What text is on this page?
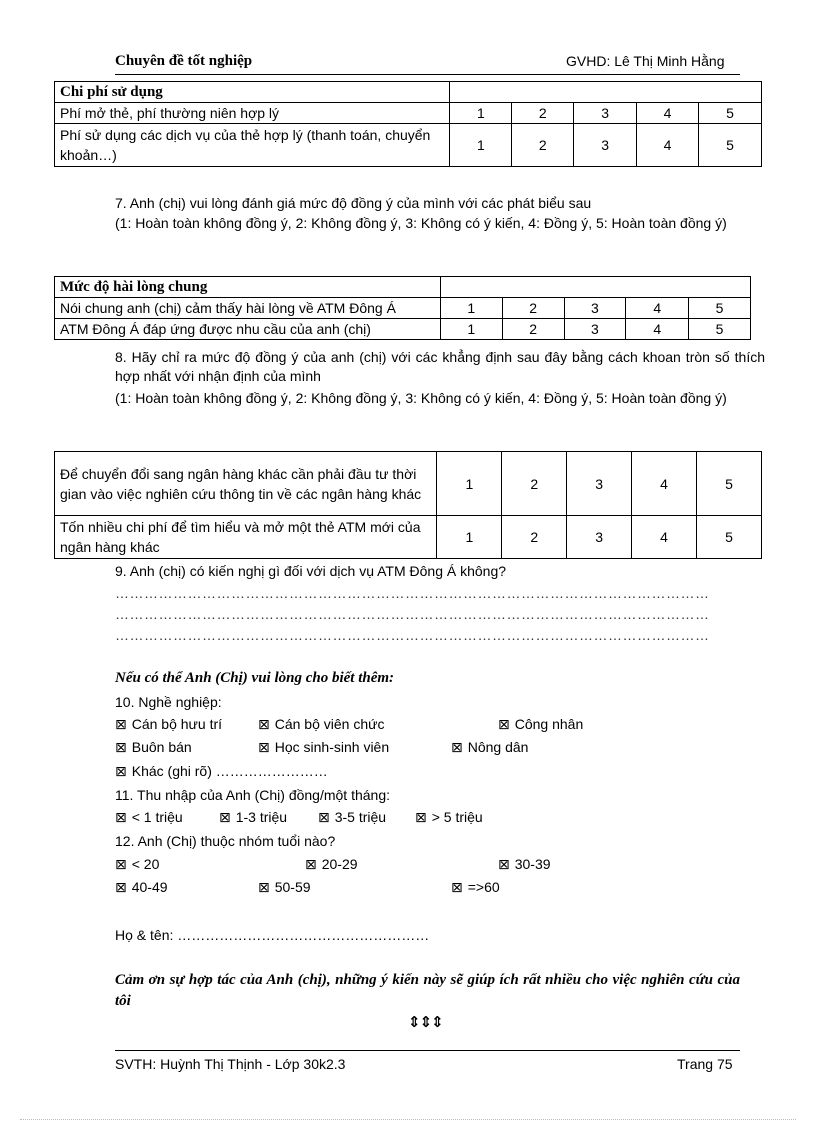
Chuyên đề tốt nghiệp	GVHD: Lê Thị Minh Hằng
Chi phí sử dụng					
Phí mở thẻ, phí thường niên hợp lý	1	2	3	4	5
Phí sử dụng các dịch vụ của thẻ hợp lý (thanh toán, chuyển khoản…)	1	2	3	4	5
7. Anh (chị) vui lòng đánh giá mức độ đồng ý của mình với các phát biểu sau
(1: Hoàn toàn không đồng ý, 2: Không đồng ý, 3: Không có ý kiến, 4: Đồng ý, 5: Hoàn toàn đồng ý)
Mức độ hài lòng chung					
Nói chung anh (chị) cảm thấy hài lòng về ATM Đông Á	1	2	3	4	5
ATM Đông Á đáp ứng được nhu cầu của anh (chị)	1	2	3	4	5
8. Hãy chỉ ra mức độ đồng ý của anh (chị) với các khẳng định sau đây bằng cách khoan tròn số thích hợp nhất với nhận định của mình
(1: Hoàn toàn không đồng ý, 2: Không đồng ý, 3: Không có ý kiến, 4: Đồng ý, 5: Hoàn toàn đồng ý)
Để chuyển đổi sang ngân hàng khác cần phải đầu tư thời gian vào việc nghiên cứu thông tin về các ngân hàng khác	1	2	3	4	5
Tốn nhiều chi phí để tìm hiểu và mở một thẻ ATM mới của ngân hàng khác	1	2	3	4	5
9. Anh (chị) có kiến nghị gì đối với dịch vụ ATM Đông Á không?
……………………………………………………………………………………………………………
……………………………………………………………………………………………………………
……………………………………………………………………………………………………………
Nếu có thể Anh (Chị) vui lòng cho biết thêm:
10. Nghề nghiệp:
⊠ Cán bộ hưu trí	⊠ Cán bộ viên chức	⊠ Công nhân
⊠ Buôn bán	⊠ Học sinh-sinh viên	⊠ Nông dân
⊠ Khác (ghi rõ) ……………………
11. Thu nhập của Anh (Chị) đồng/một tháng:
⊠ < 1 triệu	⊠ 1-3 triệu ⊠ 3-5 triệu ⊠ > 5 triệu
12. Anh (Chị) thuộc nhóm tuổi nào?
⊠ < 20	⊠ 20-29	⊠ 30-39
⊠ 40-49	⊠ 50-59	⊠ =>60
Họ & tên: ………………………………………………
Cảm ơn sự hợp tác của Anh (chị), những ý kiến này sẽ giúp ích rất nhiều cho việc nghiên cứu của tôi
⇕⇕⇕
SVTH: Huỳnh Thị Thịnh - Lớp 30k2.3	Trang 75
